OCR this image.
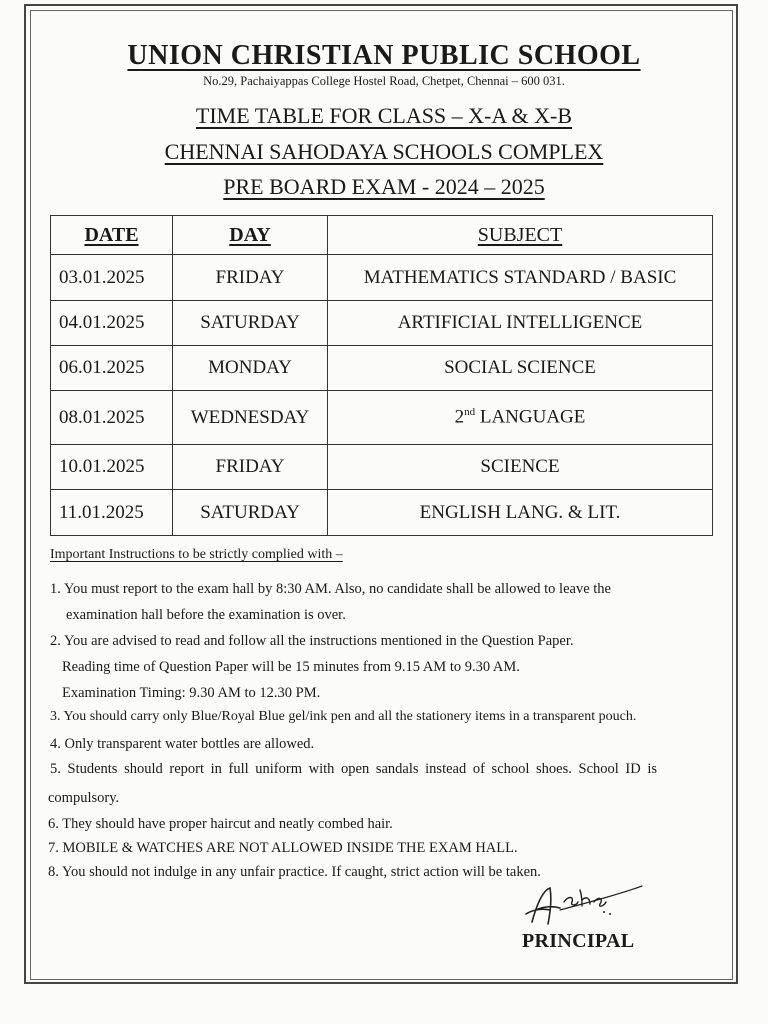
UNION CHRISTIAN PUBLIC SCHOOL
No.29, Pachaiyappas College Hostel Road, Chetpet, Chennai – 600 031.
TIME TABLE FOR CLASS – X-A & X-B
CHENNAI SAHODAYA SCHOOLS COMPLEX
PRE BOARD EXAM - 2024 – 2025
DATE	DAY	SUBJECT
03.01.2025	FRIDAY	MATHEMATICS STANDARD / BASIC
04.01.2025	SATURDAY	ARTIFICIAL INTELLIGENCE
06.01.2025	MONDAY	SOCIAL SCIENCE
08.01.2025	WEDNESDAY	2nd LANGUAGE
10.01.2025	FRIDAY	SCIENCE
11.01.2025	SATURDAY	ENGLISH LANG. & LIT.
Important Instructions to be strictly complied with –
1. You must report to the exam hall by 8:30 AM. Also, no candidate shall be allowed to leave the
examination hall before the examination is over.
2. You are advised to read and follow all the instructions mentioned in the Question Paper.
Reading time of Question Paper will be 15 minutes from 9.15 AM to 9.30 AM.
Examination Timing: 9.30 AM to 12.30 PM.
3. You should carry only Blue/Royal Blue gel/ink pen and all the stationery items in a transparent pouch.
4. Only transparent water bottles are allowed.
5. Students should report in full uniform with open sandals instead of school shoes. School ID is
compulsory.
6. They should have proper haircut and neatly combed hair.
7. MOBILE & WATCHES ARE NOT ALLOWED INSIDE THE EXAM HALL.
8. You should not indulge in any unfair practice. If caught, strict action will be taken.
PRINCIPAL
